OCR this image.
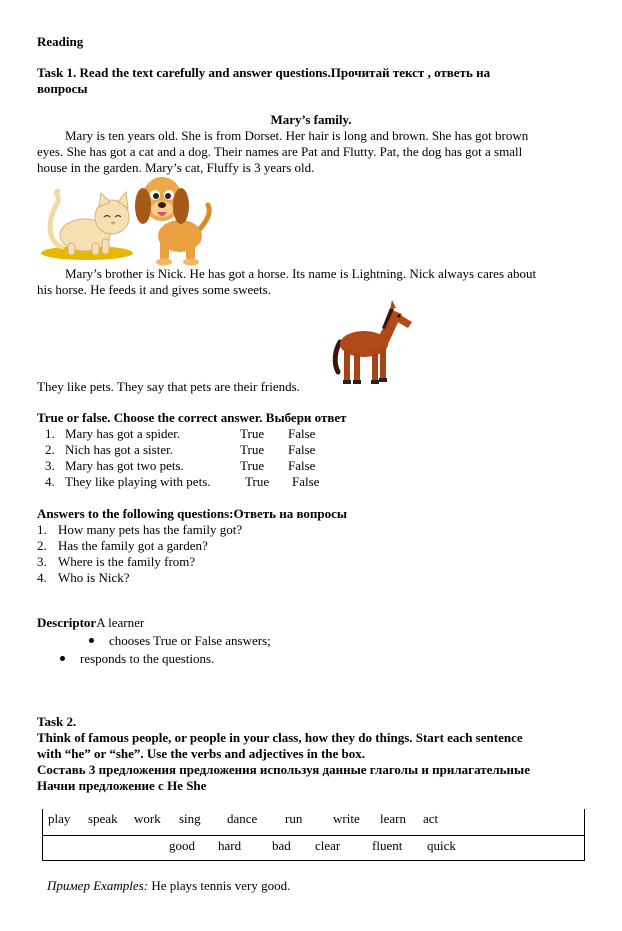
Reading
Task 1. Read the text carefully and answer questions.Прочитай текст , ответь на
вопросы
Mary’s family.
Mary is ten years old. She is from Dorset. Her hair is long and brown. She has got brown
eyes. She has got a cat and a dog. Their names are Pat and Flutty. Pat, the dog has got a small
house in the garden. Mary’s cat, Fluffy is 3 years old.
Mary’s brother is Nick. He has got a horse. Its name is Lightning. Nick always cares about
his horse. He feeds it and gives some sweets.
They like pets. They say that pets are their friends.
True or false. Choose the correct answer. Выбери ответ
1. Mary has got a spider.	True False
2. Nich has got a sister.	True False
3. Mary has got two pets.	True False
4. They like playing with pets.	True False
Answers to the following questions:Ответь на вопросы
1. How many pets has the family got?
2. Has the family got a garden?
3. Where is the family from?
4. Who is Nick?
DescriptorA learner
chooses True or False answers;
responds to the questions.
Task 2.
Think of famous people, or people in your class, how they do things. Start each sentence
with “he” or “she”. Use the verbs and adjectives in the box.
Составь 3 предложения предложения используя данные глаголы и прилагательные
Начни предложение с He She
play speak work sing dance run write learn act
good hard bad clear fluent quick
Пример Examples: He plays tennis very good.
